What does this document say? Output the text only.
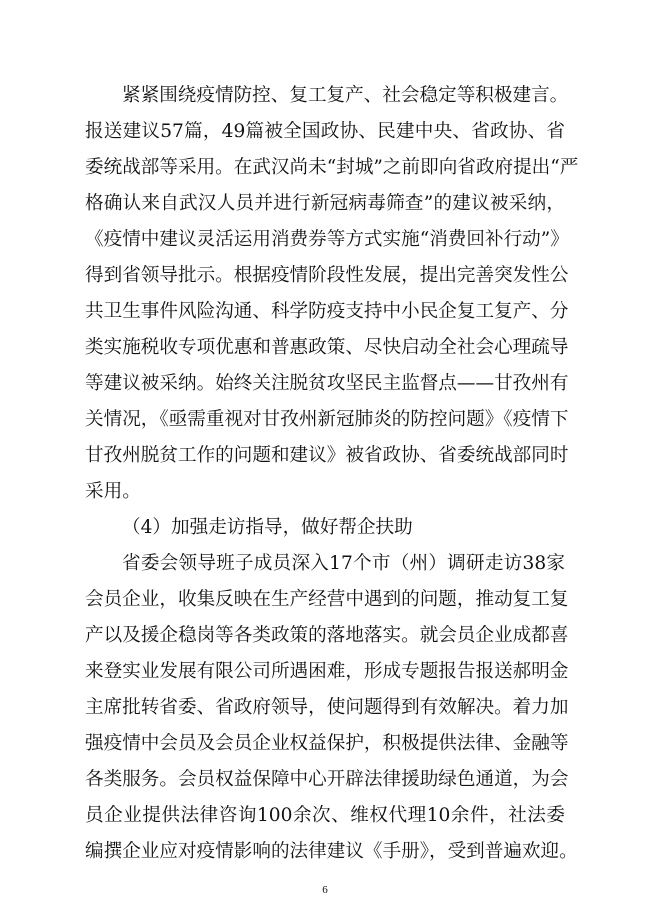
紧紧围绕疫情防控、复工复产、社会稳定等积极建言。
报送建议57篇，49篇被全国政协、民建中央、省政协、省
委统战部等采用。在武汉尚未“封城”之前即向省政府提出“严
格确认来自武汉人员并进行新冠病毒筛查”的建议被采纳，
《疫情中建议灵活运用消费券等方式实施“消费回补行动”》
得到省领导批示。根据疫情阶段性发展，提出完善突发性公
共卫生事件风险沟通、科学防疫支持中小民企复工复产、分
类实施税收专项优惠和普惠政策、尽快启动全社会心理疏导
等建议被采纳。始终关注脱贫攻坚民主监督点——甘孜州有
关情况，《亟需重视对甘孜州新冠肺炎的防控问题》《疫情下
甘孜州脱贫工作的问题和建议》被省政协、省委统战部同时
采用。
（4）加强走访指导，做好帮企扶助
省委会领导班子成员深入17个市（州）调研走访38家
会员企业，收集反映在生产经营中遇到的问题，推动复工复
产以及援企稳岗等各类政策的落地落实。就会员企业成都喜
来登实业发展有限公司所遇困难，形成专题报告报送郝明金
主席批转省委、省政府领导，使问题得到有效解决。着力加
强疫情中会员及会员企业权益保护，积极提供法律、金融等
各类服务。会员权益保障中心开辟法律援助绿色通道，为会
员企业提供法律咨询100余次、维权代理10余件，社法委
编撰企业应对疫情影响的法律建议《手册》，受到普遍欢迎。
6
